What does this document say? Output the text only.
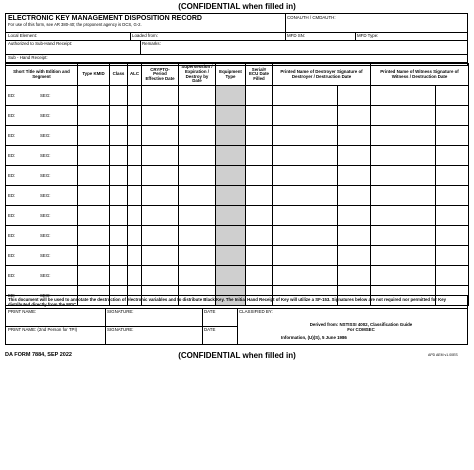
(CONFIDENTIAL when filled in)
ELECTRONIC KEY MANAGEMENT DISPOSITION RECORD
For use of this form, see AR 380-40; the proponent agency is DCS, G-2.
CONAUTH / CMDAUTH:
Local Element:	Loaded from:	MFD SN:	MFD Type:
Authorized to Sub-Hand Receipt:	Remarks:
Sub - Hand Receipt:
Short Title with Edition and Segment	Type KMID	Class	ALC	CRYPTO-Period Effective Date	Supersession / Expiration / Destroy by Date	Equipment Type	Serial# ECU Date Filled	Printed Name of Destroyer Signature of Destroyer / Destruction Date	Printed Name of Witness Signature of Witness / Destruction Date

ED: SEG:									

ED: SEG:									

ED: SEG:									

ED: SEG:									

ED: SEG:									

ED: SEG:									

ED: SEG:									

ED: SEG:									

ED: SEG:									

ED: SEG:									

ED: SEG:									

This document will be used to annotate the destruction of electronic variables and to distribute Black Key. The Initial Hand Receipt of Key will utilize a SF-153. Signatures below are not required nor permitted for Key distributed directly from the MGC.
PRINT NAME:	SIGNATURE:	DATE
PRINT NAME: (2nd Person for TPI)	SIGNATURE:	DATE
CLASSIFIED BY:
Derived from: NSTISSI 4002, Classification Guide
For COMSEC
Information, (U)(S), 5 June 1986
DA FORM 7884, SEP 2022	(CONFIDENTIAL when filled in)	APD AEM v1.00ES
